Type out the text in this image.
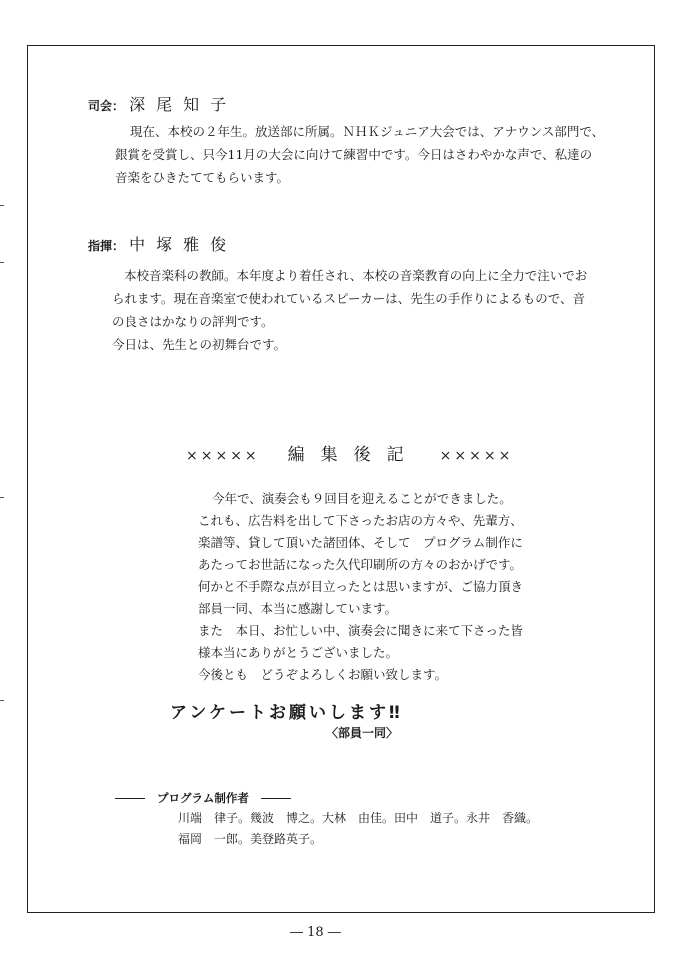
司会： 深尾知子
現在、本校の２年生。放送部に所属。ＮＨＫジュニア大会では、アナウンス部門で、
銀賞を受賞し、只今11月の大会に向けて練習中です。今日はさわやかな声で、私達の
音楽をひきたててもらいます。
指揮： 中塚雅俊
本校音楽科の教師。本年度より着任され、本校の音楽教育の向上に全力で注いでお
られます。現在音楽室で使われているスピーカーは、先生の手作りによるもので、音
の良さはかなりの評判です。
今日は、先生との初舞台です。
××××× 編集後記 ×××××
今年で、演奏会も９回目を迎えることができました。
これも、広告料を出して下さったお店の方々や、先輩方、
楽譜等、貸して頂いた諸団体、そして　プログラム制作に
あたってお世話になった久代印刷所の方々のおかげです。
何かと不手際な点が目立ったとは思いますが、ご協力頂き
部員一同、本当に感謝しています。
また　本日、お忙しい中、演奏会に聞きに来て下さった皆
様本当にありがとうございました。
今後とも　どうぞよろしくお願い致します。
アンケートお願いします‼
〈部員一同〉
プログラム制作者
川端　律子。幾波　博之。大林　由佳。田中　道子。永井　香織。
福岡　一郎。美登路英子。
― 18 ―
